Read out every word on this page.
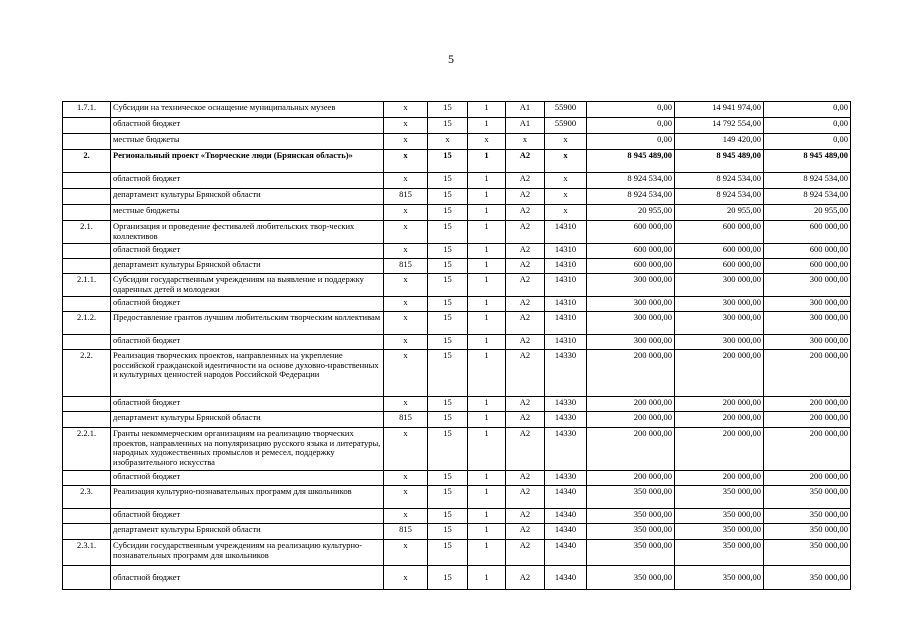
5
1.7.1.	Субсидии на техническое оснащение муниципальных музеев	x	15	1	A1	55900	0,00	14 941 974,00	0,00
	областной бюджет	x	15	1	A1	55900	0,00	14 792 554,00	0,00
	местные бюджеты	x	x	x	x	x	0,00	149 420,00	0,00
2.	Региональный проект «Творческие люди (Брянская область)»	x	15	1	A2	x	8 945 489,00	8 945 489,00	8 945 489,00
	областной бюджет	x	15	1	A2	x	8 924 534,00	8 924 534,00	8 924 534,00
	департамент культуры Брянской области	815	15	1	A2	x	8 924 534,00	8 924 534,00	8 924 534,00
	местные бюджеты	x	15	1	A2	x	20 955,00	20 955,00	20 955,00
2.1.	Организация и проведение фестивалей любительских твор-ческих коллективов	x	15	1	A2	14310	600 000,00	600 000,00	600 000,00
	областной бюджет	x	15	1	A2	14310	600 000,00	600 000,00	600 000,00
	департамент культуры Брянской области	815	15	1	A2	14310	600 000,00	600 000,00	600 000,00
2.1.1.	Субсидии государственным учреждениям на выявление и поддержку одаренных детей и молодежи	x	15	1	A2	14310	300 000,00	300 000,00	300 000,00
	областной бюджет	x	15	1	A2	14310	300 000,00	300 000,00	300 000,00
2.1.2.	Предоставление грантов лучшим любительским творческим коллективам	x	15	1	A2	14310	300 000,00	300 000,00	300 000,00
	областной бюджет	x	15	1	A2	14310	300 000,00	300 000,00	300 000,00
2.2.	Реализация творческих проектов, направленных на укрепление российской гражданской идентичности на основе духовно-нравственных и культурных ценностей народов Российской Федерации	x	15	1	A2	14330	200 000,00	200 000,00	200 000,00
	областной бюджет	x	15	1	A2	14330	200 000,00	200 000,00	200 000,00
	департамент культуры Брянской области	815	15	1	A2	14330	200 000,00	200 000,00	200 000,00
2.2.1.	Гранты некоммерческим организациям на реализацию творческих проектов, направленных на популяризацию русского языка и литературы, народных художественных промыслов и ремесел, поддержку изобразительного искусства	x	15	1	A2	14330	200 000,00	200 000,00	200 000,00
	областной бюджет	x	15	1	A2	14330	200 000,00	200 000,00	200 000,00
2.3.	Реализация культурно-познавательных программ для школьников	x	15	1	A2	14340	350 000,00	350 000,00	350 000,00
	областной бюджет	x	15	1	A2	14340	350 000,00	350 000,00	350 000,00
	департамент культуры Брянской области	815	15	1	A2	14340	350 000,00	350 000,00	350 000,00
2.3.1.	Субсидии государственным учреждениям на реализацию культурно-познавательных программ для школьников	x	15	1	A2	14340	350 000,00	350 000,00	350 000,00
	областной бюджет	x	15	1	A2	14340	350 000,00	350 000,00	350 000,00
